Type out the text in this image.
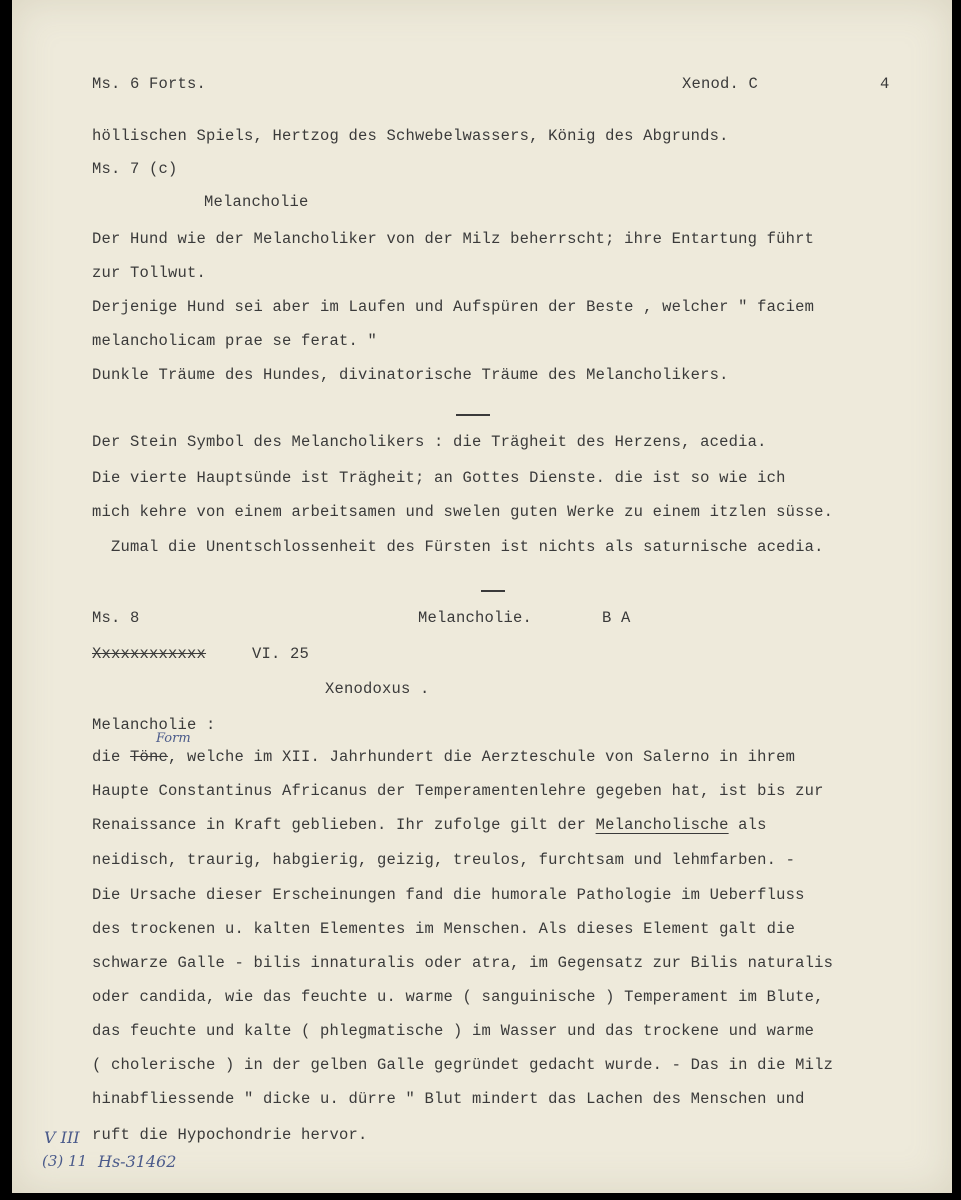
Ms. 6 Forts.	Xenod. C	4
höllischen Spiels, Hertzog des Schwebelwassers, König des Abgrunds.
Ms. 7 (c)
Melancholie
Der Hund wie der Melancholiker von der Milz beherrscht; ihre Entartung führt
zur Tollwut.
Derjenige Hund sei aber im Laufen und Aufspüren der Beste , welcher " faciem
melancholicam prae se ferat. "
Dunkle Träume des Hundes, divinatorische Träume des Melancholikers.
Der Stein Symbol des Melancholikers : die Trägheit des Herzens, acedia.
Die vierte Hauptsünde ist Trägheit; an Gottes Dienste. die ist so wie ich
mich kehre von einem arbeitsamen und swelen guten Werke zu einem itzlen süsse.
Zumal die Unentschlossenheit des Fürsten ist nichts als saturnische acedia.
Ms. 8	Melancholie.	B A
Xxxxxxxxxxxx	VI. 25
Xenodoxus .
Melancholie :
Form
die Töne, welche im XII. Jahrhundert die Aerzteschule von Salerno in ihrem
Haupte Constantinus Africanus der Temperamentenlehre gegeben hat, ist bis zur
Renaissance in Kraft geblieben. Ihr zufolge gilt der Melancholische als
neidisch, traurig, habgierig, geizig, treulos, furchtsam und lehmfarben. -
Die Ursache dieser Erscheinungen fand die humorale Pathologie im Ueberfluss
des trockenen u. kalten Elementes im Menschen. Als dieses Element galt die
schwarze Galle - bilis innaturalis oder atra, im Gegensatz zur Bilis naturalis
oder candida, wie das feuchte u. warme ( sanguinische ) Temperament im Blute,
das feuchte und kalte ( phlegmatische ) im Wasser und das trockene und warme
( cholerische ) in der gelben Galle gegründet gedacht wurde. - Das in die Milz
hinabfliessende " dicke u. dürre " Blut mindert das Lachen des Menschen und
ruft die Hypochondrie hervor.
V III
(3) 11 Hs-31462
